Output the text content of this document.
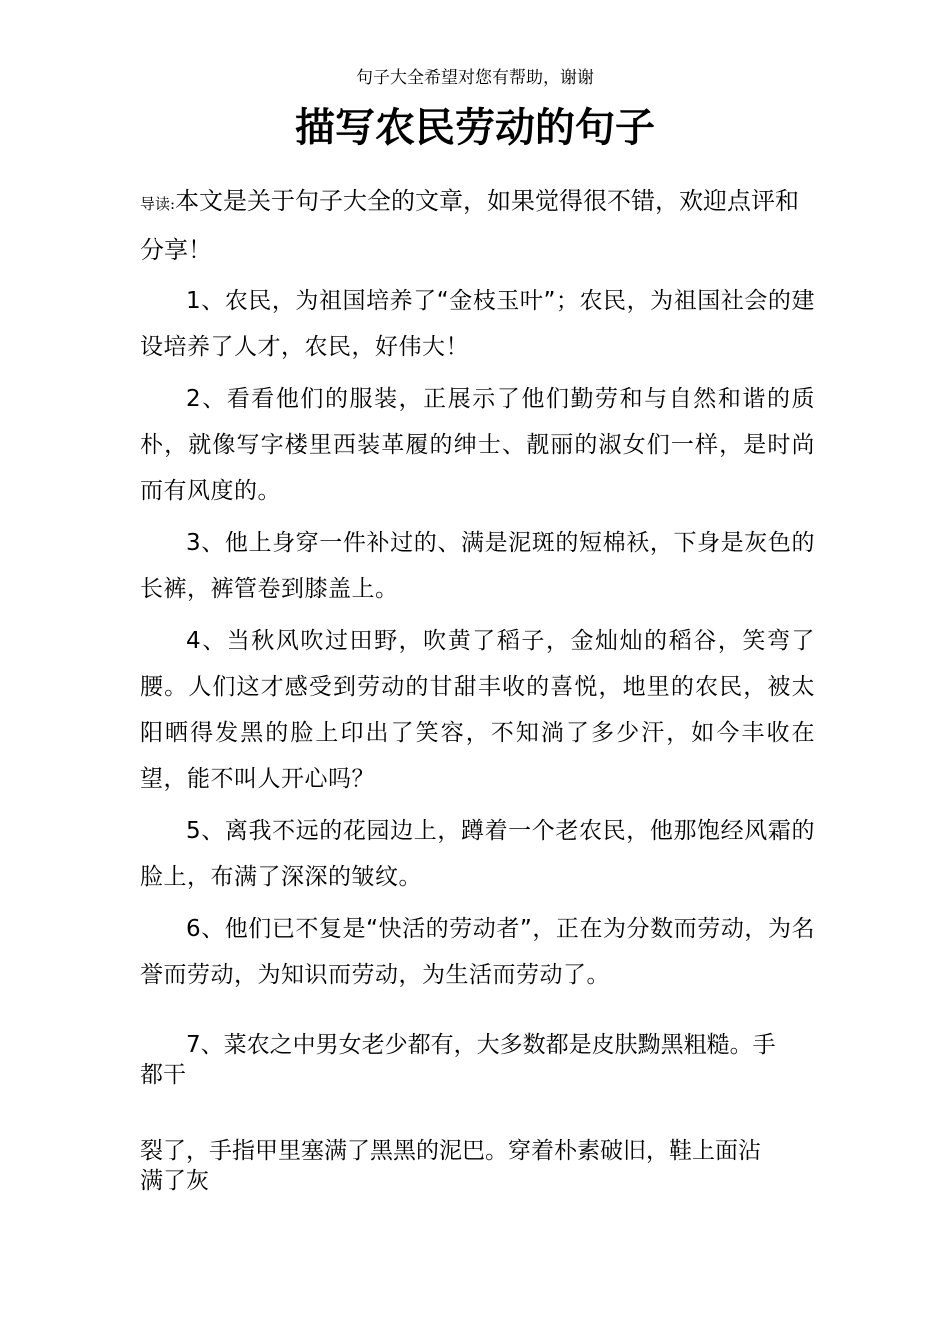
句子大全希望对您有帮助，谢谢
描写农民劳动的句子

导读:本文是关于句子大全的文章，如果觉得很不错，欢迎点评和分享！

1、农民，为祖国培养了“金枝玉叶”；农民，为祖国社会的建设培养了人才，农民，好伟大！

2、看看他们的服装，正展示了他们勤劳和与自然和谐的质朴，就像写字楼里西装革履的绅士、靓丽的淑女们一样，是时尚而有风度的。

3、他上身穿一件补过的、满是泥斑的短棉袄，下身是灰色的长裤，裤管卷到膝盖上。

4、当秋风吹过田野，吹黄了稻子，金灿灿的稻谷，笑弯了腰。人们这才感受到劳动的甘甜丰收的喜悦，地里的农民，被太阳晒得发黑的脸上印出了笑容，不知淌了多少汗，如今丰收在望，能不叫人开心吗？

5、离我不远的花园边上，蹲着一个老农民，他那饱经风霜的脸上，布满了深深的皱纹。

6、他们已不复是“快活的劳动者”，正在为分数而劳动，为名誉而劳动，为知识而劳动，为生活而劳动了。

7、菜农之中男女老少都有，大多数都是皮肤黝黑粗糙。手
都干

裂了，手指甲里塞满了黑黑的泥巴。穿着朴素破旧，鞋上面沾
满了灰
